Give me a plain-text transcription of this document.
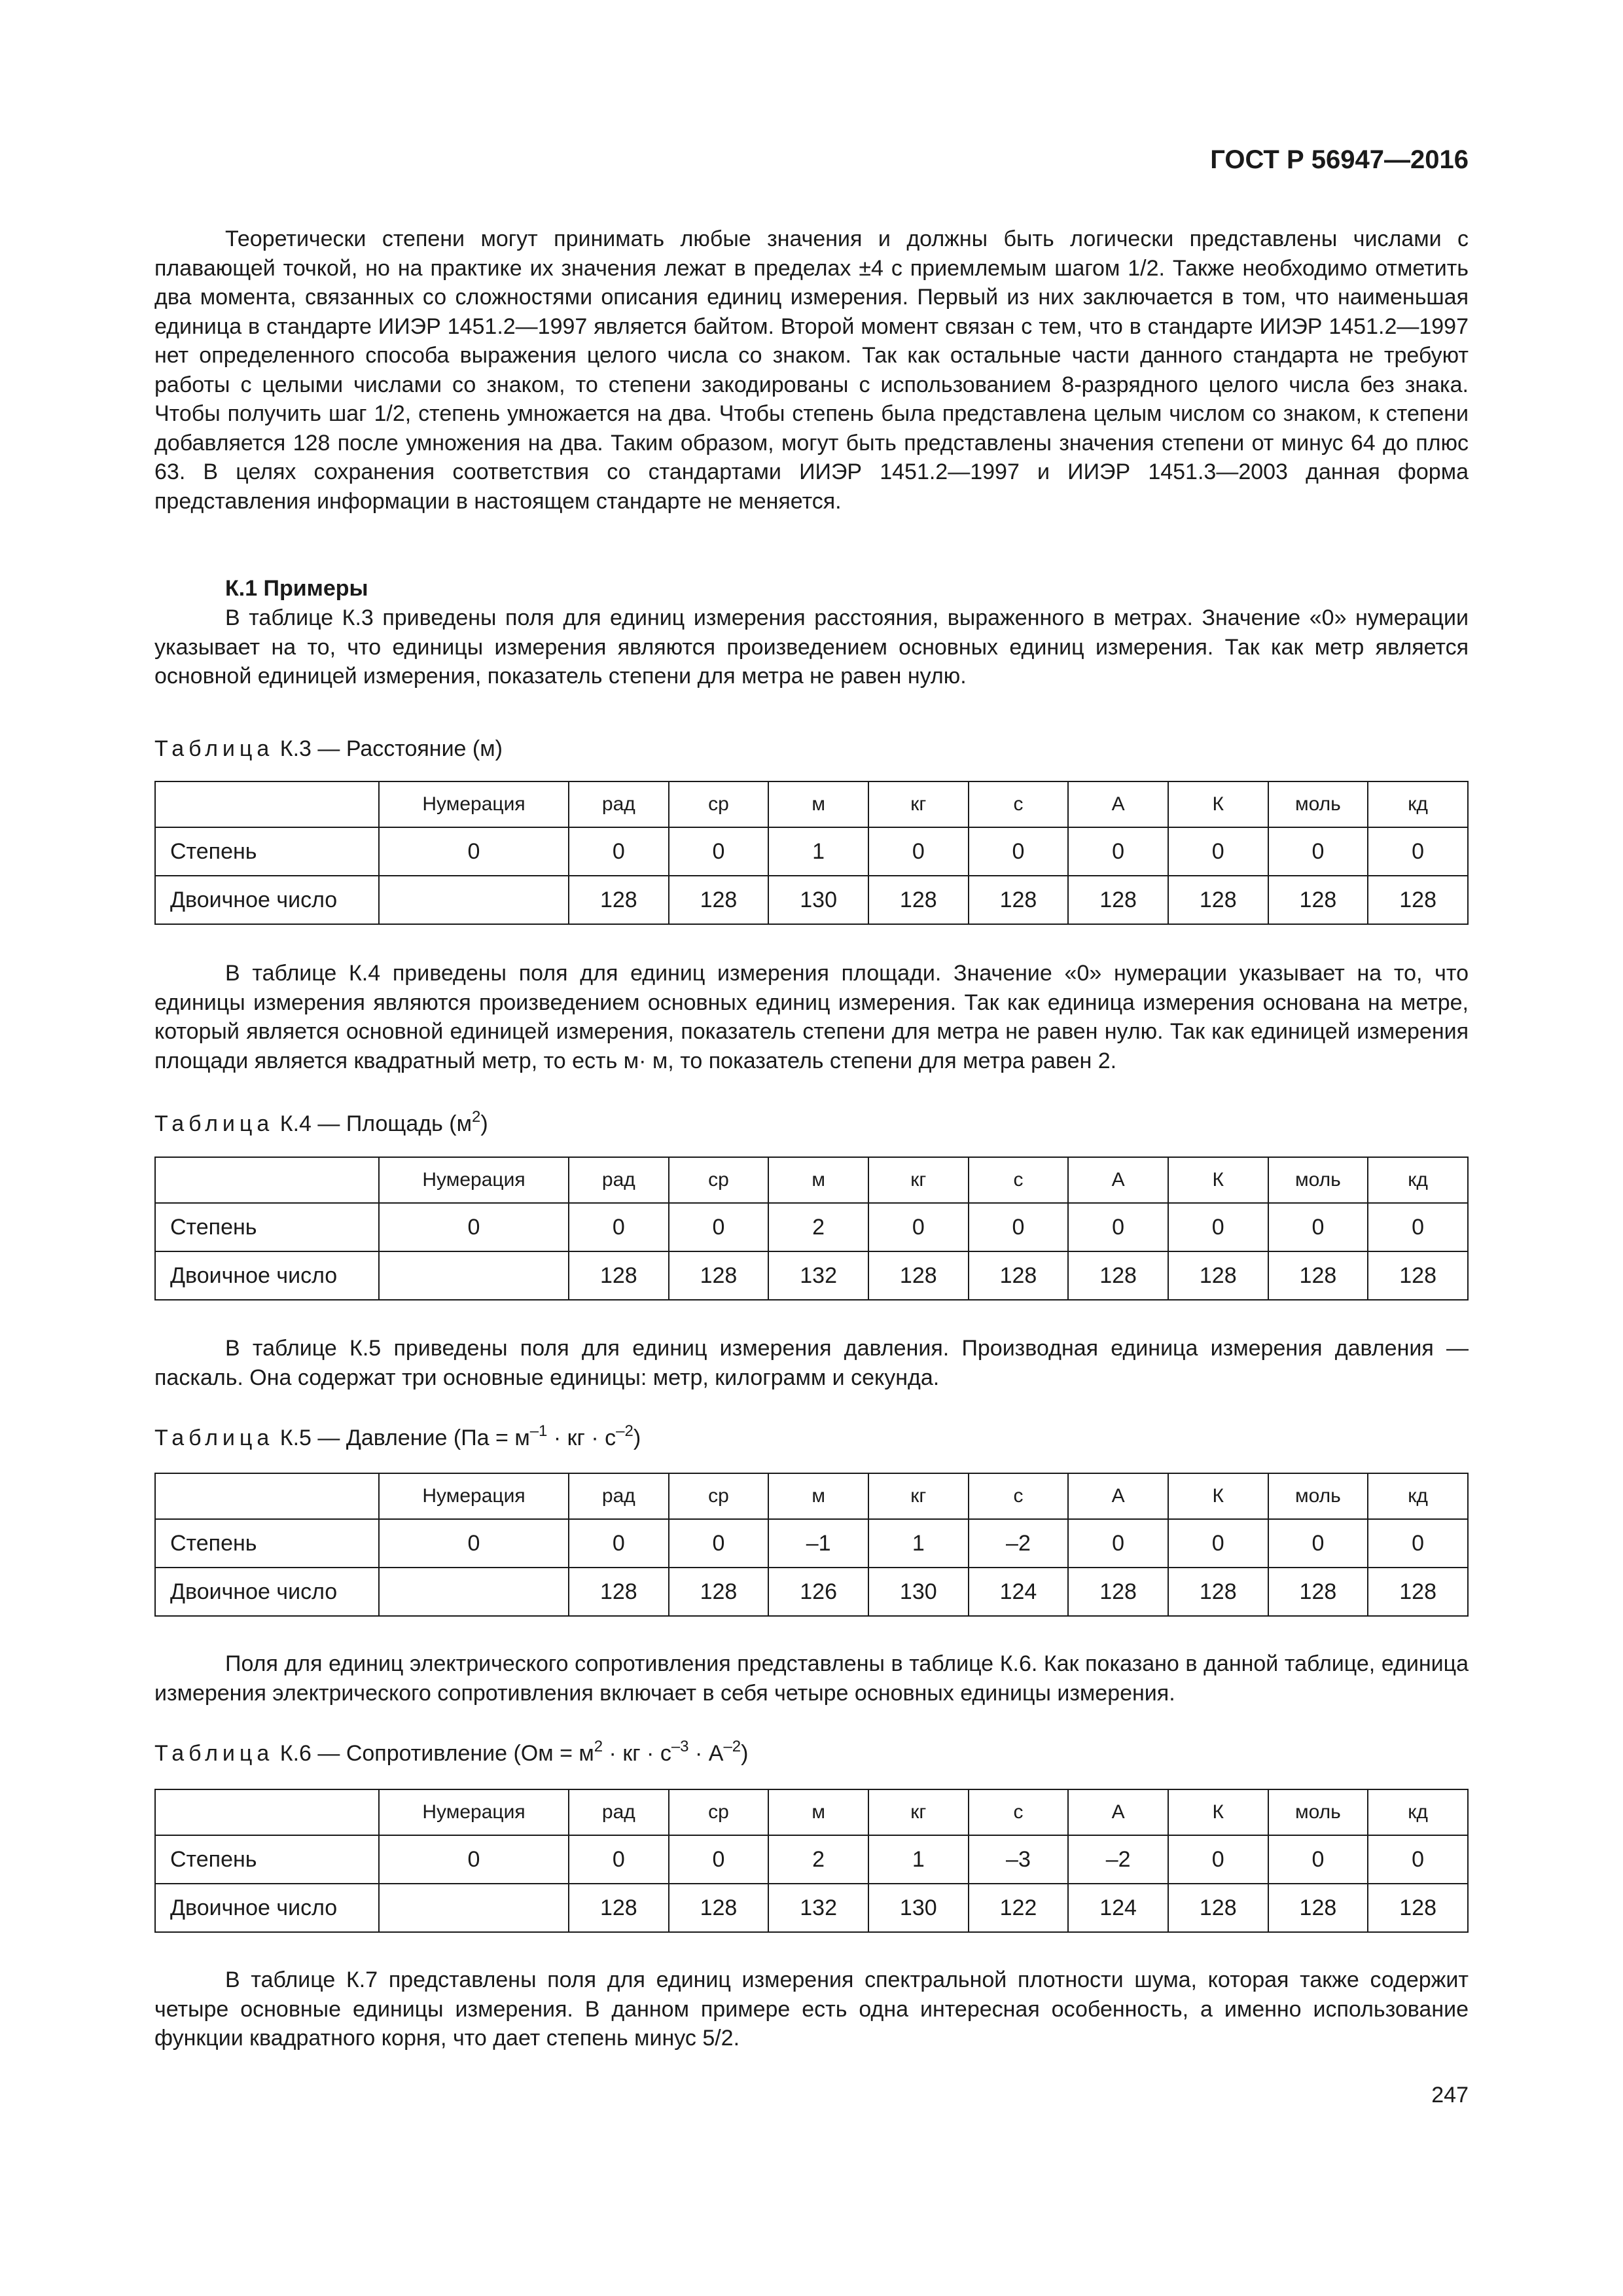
ГОСТ Р 56947—2016

Теоретически степени могут принимать любые значения и должны быть логически представлены числами с плавающей точкой, но на практике их значения лежат в пределах ±4 с приемлемым шагом 1/2. Также необходимо отметить два момента, связанных со сложностями описания единиц измерения. Первый из них заключается в том, что наименьшая единица в стандарте ИИЭР 1451.2—1997 является байтом. Второй момент связан с тем, что в стандарте ИИЭР 1451.2—1997 нет определенного способа выражения целого числа со знаком. Так как остальные части данного стандарта не требуют работы с целыми числами со знаком, то степени закодированы с использованием 8-разрядного целого числа без знака. Чтобы получить шаг 1/2, степень умножается на два. Чтобы степень была представлена целым числом со знаком, к степени добавляется 128 после умножения на два. Таким образом, могут быть представлены значения степени от минус 64 до плюс 63. В целях сохранения соответствия со стандартами ИИЭР 1451.2—1997 и ИИЭР 1451.3—2003 данная форма представления информации в настоящем стандарте не меняется.

К.1 Примеры

В таблице К.3 приведены поля для единиц измерения расстояния, выраженного в метрах. Значение «0» нумерации указывает на то, что единицы измерения являются произведением основных единиц измерения. Так как метр является основной единицей измерения, показатель степени для метра не равен нулю.

Таблица К.3 — Расстояние (м)
	Нумерация	рад	ср	м	кг	с	А	К	моль	кд
Степень	0	0	0	1	0	0	0	0	0	0
Двоичное число		128	128	130	128	128	128	128	128	128

В таблице К.4 приведены поля для единиц измерения площади. Значение «0» нумерации указывает на то, что единицы измерения являются произведением основных единиц измерения. Так как единица измерения основана на метре, который является основной единицей измерения, показатель степени для метра не равен нулю. Так как единицей измерения площади является квадратный метр, то есть м· м, то показатель степени для метра равен 2.

Таблица К.4 — Площадь $(м^2)$
	Нумерация	рад	ср	м	кг	с	А	К	моль	кд
Степень	0	0	0	2	0	0	0	0	0	0
Двоичное число		128	128	132	128	128	128	128	128	128

В таблице К.5 приведены поля для единиц измерения давления. Производная единица измерения давления — паскаль. Она содержат три основные единицы: метр, килограмм и секунда.

Таблица К.5 — Давление ($Па = м^{-1}$ · кг · $с^{-2}$)
	Нумерация	рад	ср	м	кг	с	А	К	моль	кд
Степень	0	0	0	–1	1	–2	0	0	0	0
Двоичное число		128	128	126	130	124	128	128	128	128

Поля для единиц электрического сопротивления представлены в таблице К.6. Как показано в данной таблице, единица измерения электрического сопротивления включает в себя четыре основных единицы измерения.

Таблица К.6 — Сопротивление ($Ом = м^2$ · кг · $с^{-3} \cdot А^{-2}$)
	Нумерация	рад	ср	м	кг	с	А	К	моль	кд
Степень	0	0	0	2	1	–3	–2	0	0	0
Двоичное число		128	128	132	130	122	124	128	128	128

В таблице К.7 представлены поля для единиц измерения спектральной плотности шума, которая также содержит четыре основные единицы измерения. В данном примере есть одна интересная особенность, а именно использование функции квадратного корня, что дает степень минус 5/2.

247
